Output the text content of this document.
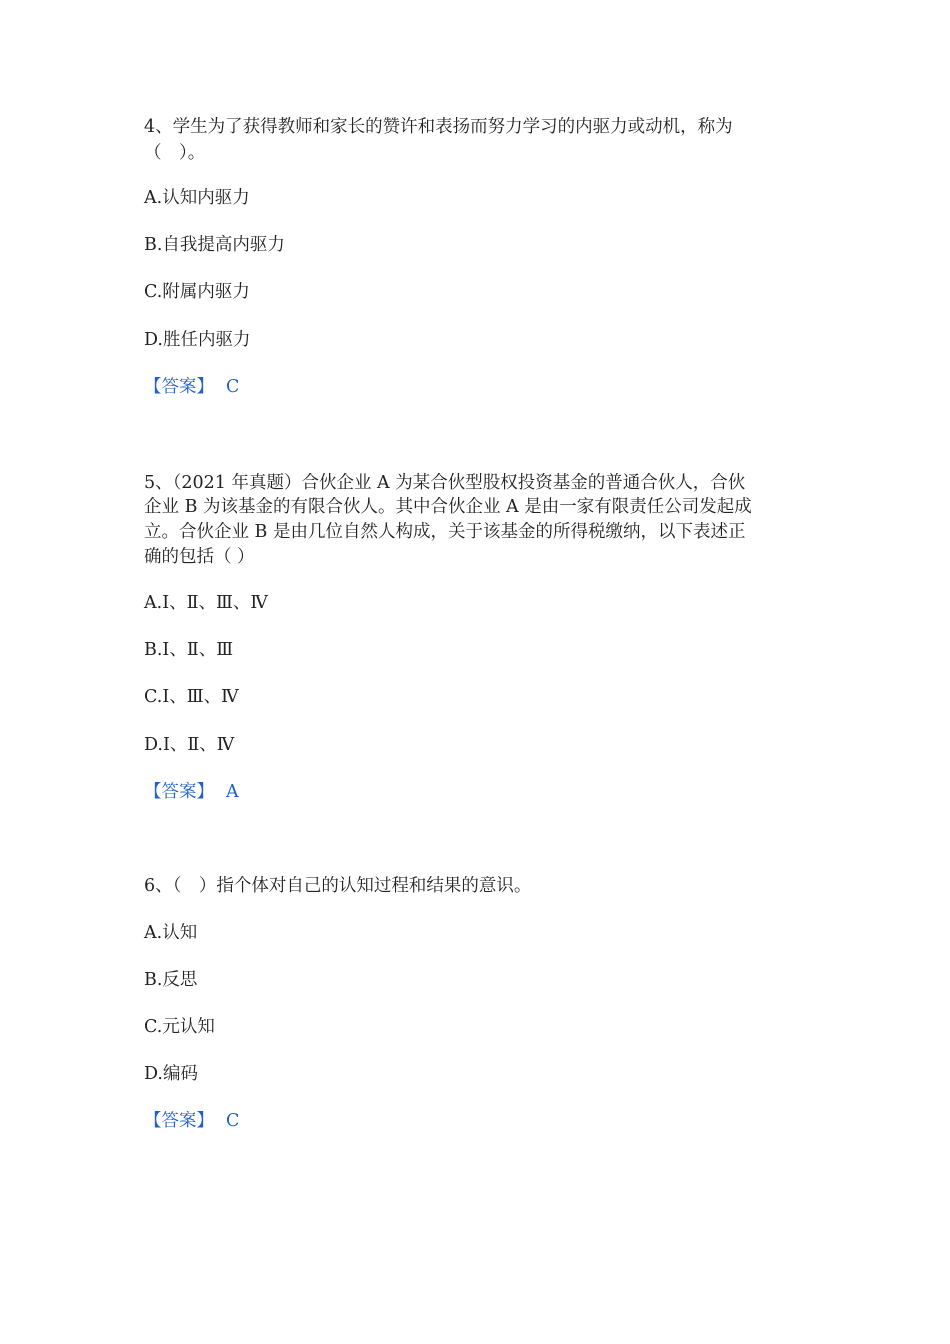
4、学生为了获得教师和家长的赞许和表扬而努力学习的内驱力或动机，称为
（　）。
A.认知内驱力
B.自我提高内驱力
C.附属内驱力
D.胜任内驱力
【答案】 C
5、（2021 年真题）合伙企业 A 为某合伙型股权投资基金的普通合伙人，合伙
企业 B 为该基金的有限合伙人。其中合伙企业 A 是由一家有限责任公司发起成
立。合伙企业 B 是由几位自然人构成，关于该基金的所得税缴纳，以下表述正
确的包括（ ）
A.Ⅰ、Ⅱ、Ⅲ、Ⅳ
B.Ⅰ、Ⅱ、Ⅲ
C.Ⅰ、Ⅲ、Ⅳ
D.Ⅰ、Ⅱ、Ⅳ
【答案】 A
6、（　）指个体对自己的认知过程和结果的意识。
A.认知
B.反思
C.元认知
D.编码
【答案】 C
